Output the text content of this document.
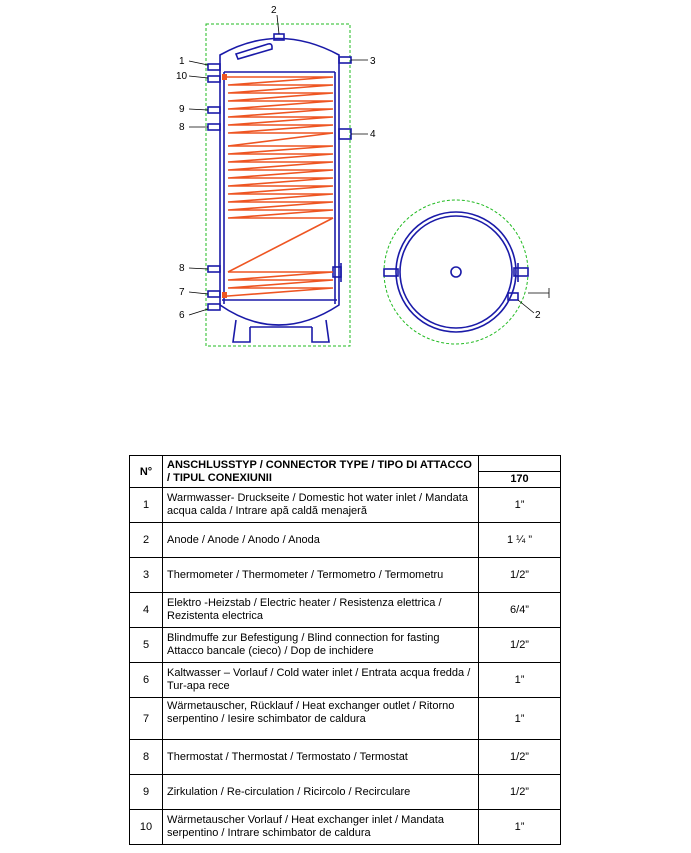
2
1
10
9
8
8
7
6
3
4
2
N°	ANSCHLUSSTYP / CONNECTOR TYPE / TIPO DI ATTACCO / TIPUL CONEXIUNII	170

1	Warmwasser- Druckseite / Domestic hot water inlet / Mandata acqua calda / Intrare apă caldă menajeră	1”
2	Anode / Anode / Anodo / Anoda	1 ¼ ”
3	Thermometer / Thermometer / Termometro / Termometru	1/2”
4	Elektro -Heizstab / Electric heater / Resistenza elettrica / Rezistenta electrica	6/4”
5	Blindmuffe zur Befestigung / Blind connection for fasting Attacco bancale (cieco) / Dop de inchidere	1/2”
6	Kaltwasser – Vorlauf / Cold water inlet / Entrata acqua fredda / Tur-apa rece	1”
7	Wärmetauscher, Rücklauf / Heat exchanger outlet / Ritorno serpentino / Iesire schimbator de caldura	1”
8	Thermostat / Thermostat / Termostato / Termostat	1/2”
9	Zirkulation / Re-circulation / Ricircolo / Recirculare	1/2”
10	Wärmetauscher Vorlauf / Heat exchanger inlet / Mandata serpentino / Intrare schimbator de caldura	1”
